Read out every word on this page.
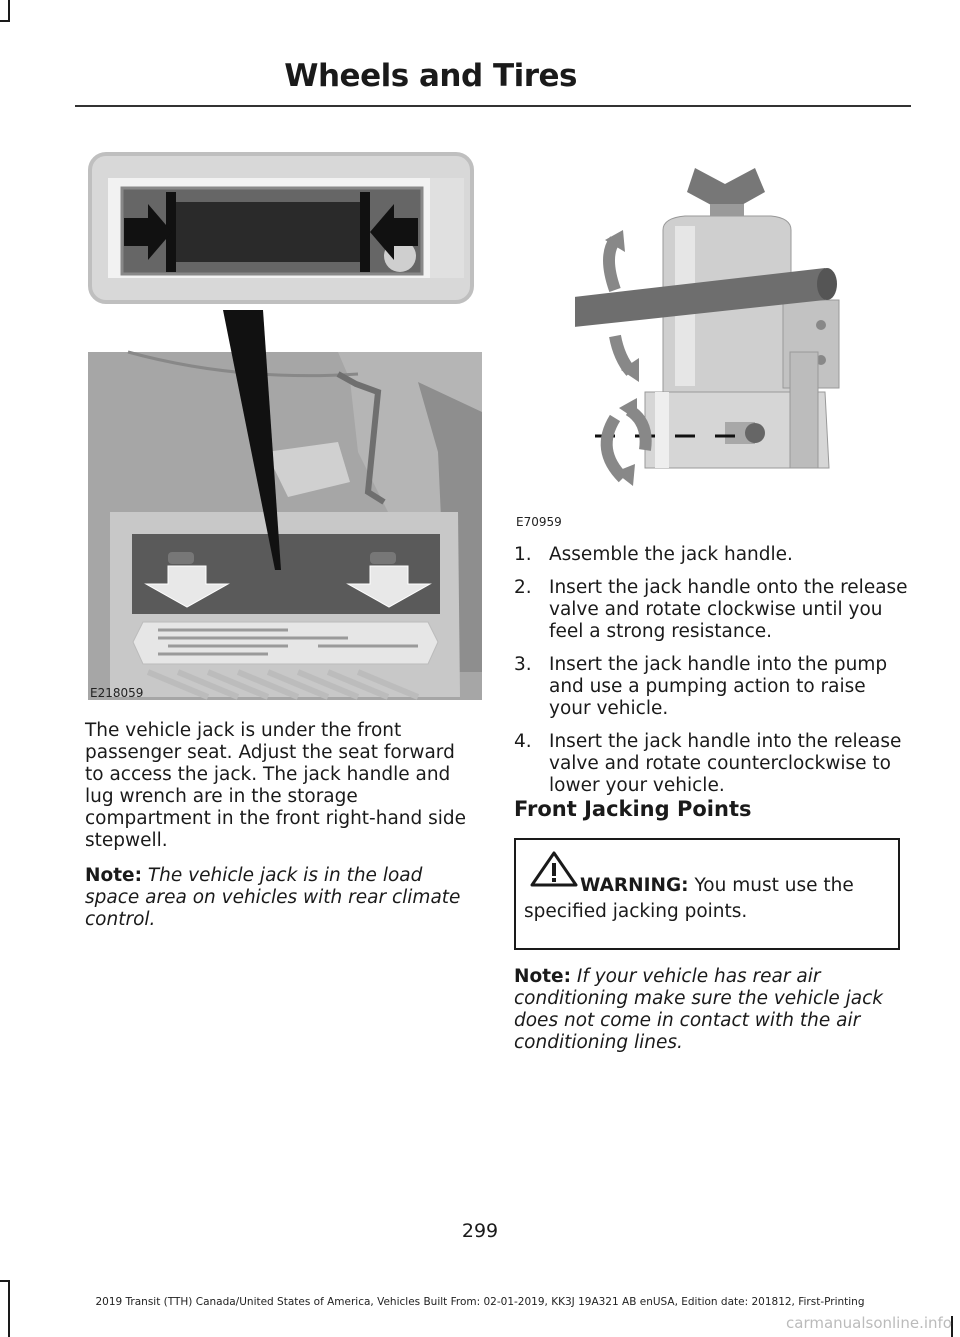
Wheels and Tires
E218059
E70959

The vehicle jack is under the front passenger seat. Adjust the seat forward to access the jack. The jack handle and lug wrench are in the storage compartment in the front right-hand side stepwell.

Note: The vehicle jack is in the load space area on vehicles with rear climate control.

1. Assemble the jack handle.
2. Insert the jack handle onto the release valve and rotate clockwise until you feel a strong resistance.
3. Insert the jack handle into the pump and use a pumping action to raise your vehicle.
4. Insert the jack handle into the release valve and rotate counterclockwise to lower your vehicle.
Front Jacking Points
WARNING: You must use the specified jacking points.

Note: If your vehicle has rear air conditioning make sure the vehicle jack does not come in contact with the air conditioning lines.

299
2019 Transit (TTH) Canada/United States of America, Vehicles Built From: 02-01-2019, KK3J 19A321 AB enUSA, Edition date: 201812, First-Printing
carmanualsonline.info
